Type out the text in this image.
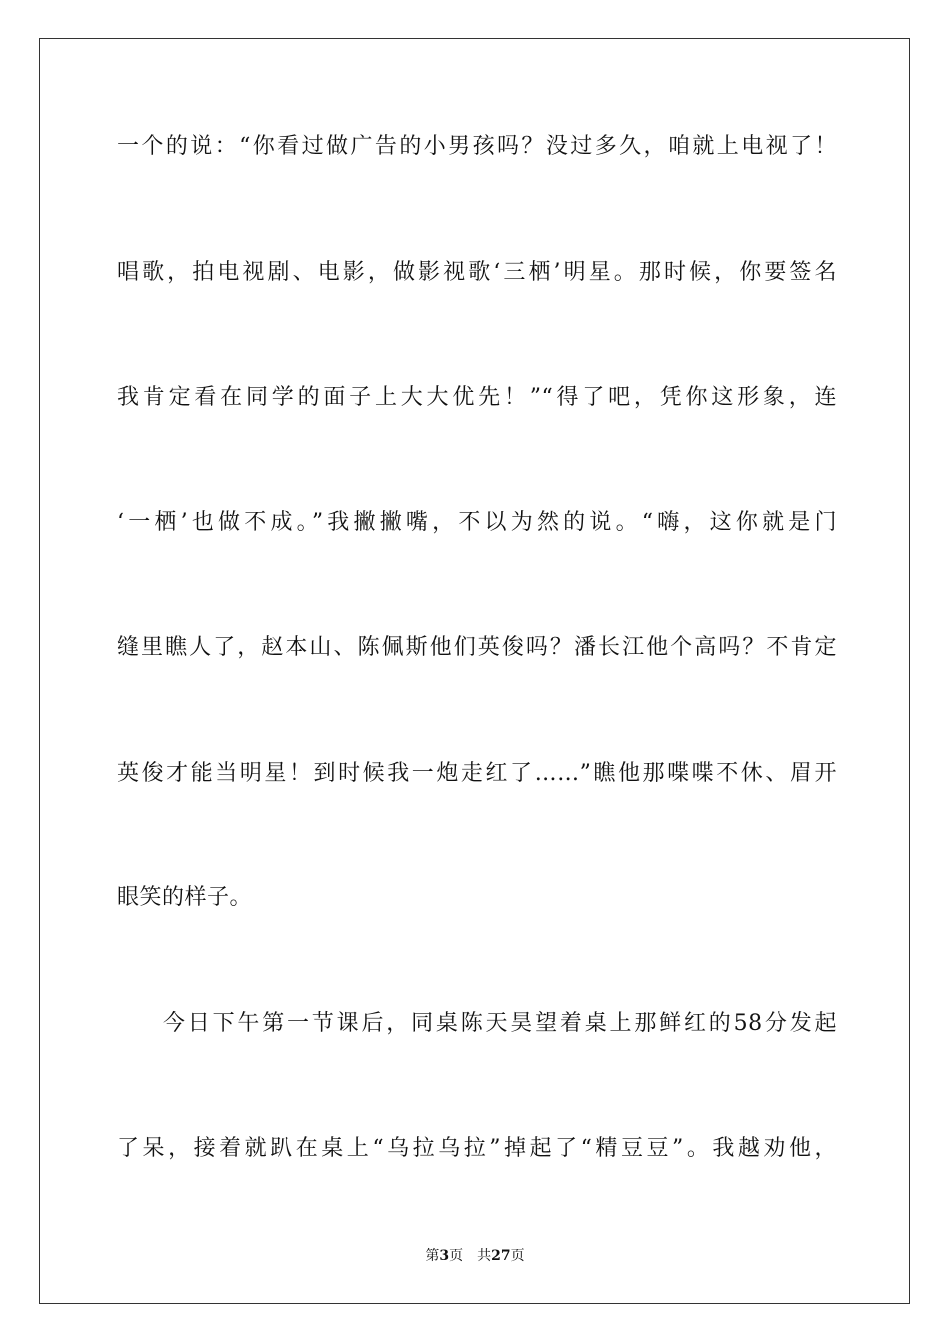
一个的说：“你看过做广告的小男孩吗？没过多久，咱就上电视了！
唱歌，拍电视剧、电影，做影视歌‘三栖’明星。那时候，你要签名
我肯定看在同学的面子上大大优先！”“得了吧，凭你这形象，连
‘一栖’也做不成。”我撇撇嘴，不以为然的说。“嗨，这你就是门
缝里瞧人了，赵本山、陈佩斯他们英俊吗？潘长江他个高吗？不肯定
英俊才能当明星！到时候我一炮走红了……”瞧他那喋喋不休、眉开
眼笑的样子。
今日下午第一节课后，同桌陈天昊望着桌上那鲜红的58分发起
了呆，接着就趴在桌上“乌拉乌拉”掉起了“精豆豆”。我越劝他，
第3页 共27页
